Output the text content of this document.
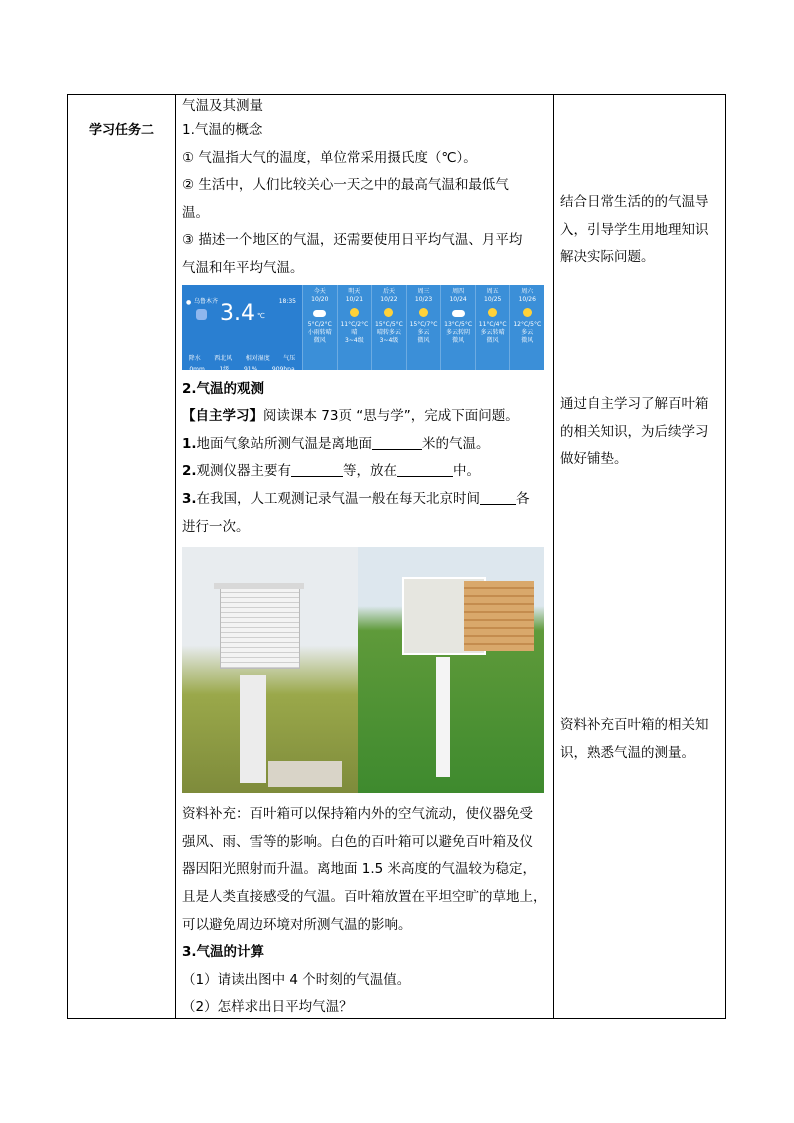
学习任务二
气温及其测量
1.气温的概念
① 气温指大气的温度，单位常采用摄氏度（℃）。
② 生活中，人们比较关心一天之中的最高气温和最低气
温。
③ 描述一个地区的气温，还需要使用日平均气温、月平均
气温和年平均气温。
● 乌鲁木齐	18:35
3.4 ℃
降水 西北风 相对湿度 气压
0mm 1级 91% 909hpa
今天
10/20
5°C/2°C
小雨转晴
微风
明天
10/21
11°C/2°C
晴
3~4级
后天
10/22
15°C/5°C
晴转多云
3~4级
周三
10/23
15°C/7°C
多云
微风
周四
10/24
13°C/5°C
多云转阴
微风
周五
10/25
11°C/4°C
多云转晴
微风
周六
10/26
12°C/5°C
多云
微风
2.气温的观测
【自主学习】阅读课本 73页 “思与学”，完成下面问题。
1.地面气象站所测气温是离地面	米的气温。
2.观测仪器主要有	等，放在	中。
3.在我国，人工观测记录气温一般在每天北京时间	各
进行一次。
资料补充：百叶箱可以保持箱内外的空气流动，使仪器免受
强风、雨、雪等的影响。白色的百叶箱可以避免百叶箱及仪
器因阳光照射而升温。离地面 1.5 米高度的气温较为稳定，
且是人类直接感受的气温。百叶箱放置在平坦空旷的草地上，
可以避免周边环境对所测气温的影响。
3.气温的计算
（1）请读出图中 4 个时刻的气温值。
（2）怎样求出日平均气温？
结合日常生活的的气温导
入，引导学生用地理知识
解决实际问题。
通过自主学习了解百叶箱
的相关知识，为后续学习
做好铺垫。
资料补充百叶箱的相关知
识，熟悉气温的测量。
